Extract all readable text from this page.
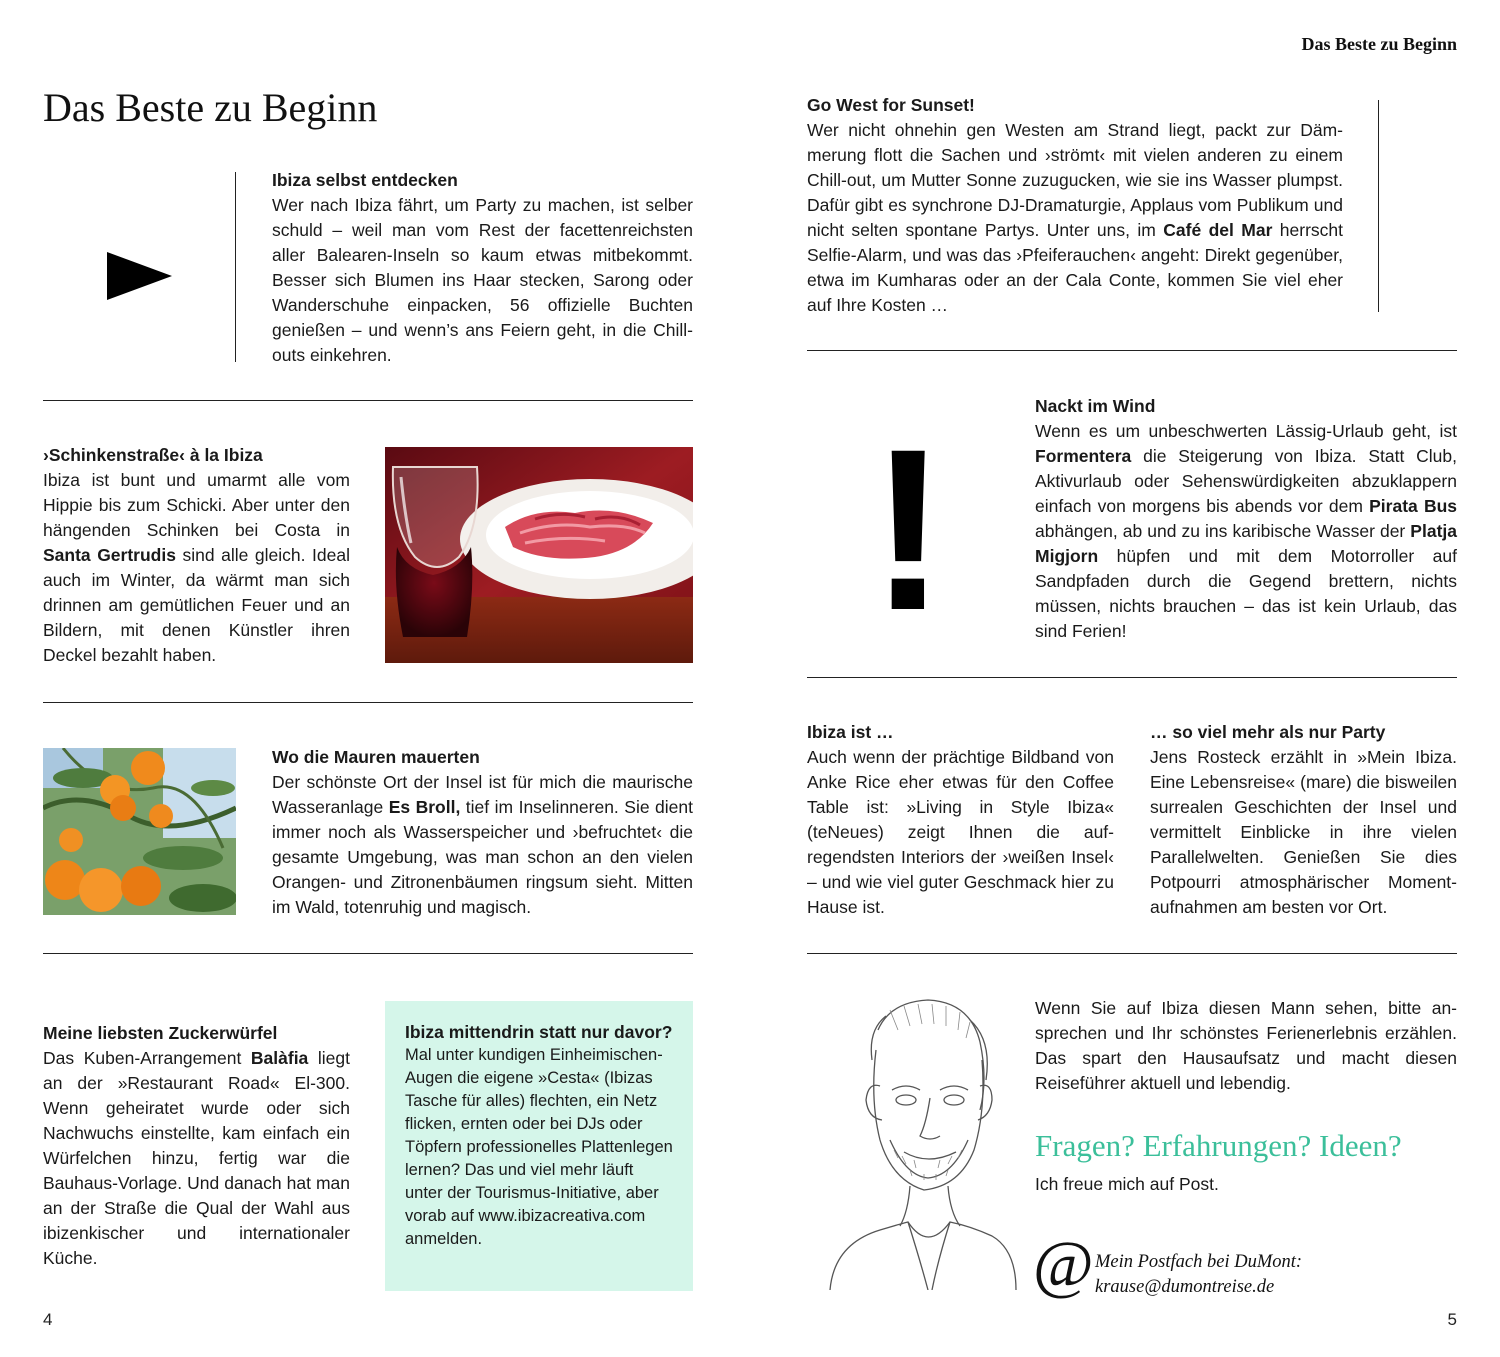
Das Beste zu Beginn
Das Beste zu Beginn
Ibiza selbst entdecken

Wer nach Ibiza fährt, um Party zu machen, ist selber schuld – weil man vom Rest der facettenreichsten aller Balearen-Inseln so kaum etwas mitbekommt. Besser sich Blumen ins Haar stecken, Sarong oder Wanderschuhe einpacken, 56 offizielle Buchten genießen – und wenn’s ans Feiern geht, in die Chill-outs einkehren.

›Schinkenstraße‹ à la Ibiza

Ibiza ist bunt und umarmt alle vom Hippie bis zum Schicki. Aber unter den hängenden Schinken bei Costa in Santa Gertrudis sind alle gleich. Ideal auch im Winter, da wärmt man sich drinnen am gemütlichen Feuer und an Bildern, mit denen Künstler ihren Deckel bezahlt haben.

Wo die Mauren mauerten

Der schönste Ort der Insel ist für mich die maurische Wasseranlage Es Broll, tief im Inselinneren. Sie dient immer noch als Wasserspeicher und ›befruchtet‹ die gesamte Umgebung, was man schon an den vielen Orangen- und Zitronenbäumen ringsum sieht. Mitten im Wald, totenruhig und magisch.

Meine liebsten Zuckerwürfel

Das Kuben-Arrangement Balàfia liegt an der »Restaurant Road« El-300. Wenn geheiratet wurde oder sich Nachwuchs einstellte, kam einfach ein Würfelchen hinzu, fertig war die Bauhaus-Vorlage. Und danach hat man an der Straße die Qual der Wahl aus ibizenkischer und internationaler Küche.

Ibiza mittendrin statt nur davor?

Mal unter kundigen Einheimischen-Augen die eigene »Cesta« (Ibizas Tasche für alles) flechten, ein Netz flicken, ernten oder bei DJs oder Töpfern professionelles Plattenlegen lernen? Das und viel mehr läuft unter der Tourismus-Initiative, aber vorab auf www.ibizacreativa.com anmelden.

Go West for Sunset!

Wer nicht ohnehin gen Westen am Strand liegt, packt zur Dämmerung flott die Sachen und ›strömt‹ mit vielen anderen zu einem Chill-out, um Mutter Sonne zuzugucken, wie sie ins Wasser plumpst. Dafür gibt es synchrone DJ-Dramaturgie, Applaus vom Publikum und nicht selten spontane Partys. Unter uns, im Café del Mar herrscht Selfie-Alarm, und was das ›Pfeiferauchen‹ angeht: Direkt gegenüber, etwa im Kumharas oder an der Cala Conte, kommen Sie viel eher auf Ihre Kosten …

!	Nackt im Wind

Wenn es um unbeschwerten Lässig-Urlaub geht, ist Formentera die Steigerung von Ibiza. Statt Club, Aktivurlaub oder Sehenswürdigkeiten abzuklappern einfach von morgens bis abends vor dem Pirata Bus abhängen, ab und zu ins karibische Wasser der Platja Migjorn hüpfen und mit dem Motorroller auf Sandpfaden durch die Gegend brettern, nichts müssen, nichts brauchen – das ist kein Urlaub, das sind Ferien!

Ibiza ist …

Auch wenn der prächtige Bildband von Anke Rice eher etwas für den Coffee Table ist: »Living in Style Ibiza« (teNeues) zeigt Ihnen die aufregendsten Interiors der ›weißen Insel‹ – und wie viel guter Geschmack hier zu Hause ist.

… so viel mehr als nur Party

Jens Rosteck erzählt in »Mein Ibiza. Eine Lebensreise« (mare) die bisweilen surrealen Geschichten der Insel und vermittelt Einblicke in ihre vielen Parallelwelten. Genießen Sie dies Potpourri atmosphärischer Momentaufnahmen am besten vor Ort.

Wenn Sie auf Ibiza diesen Mann sehen, bitte ansprechen und Ihr schönstes Ferienerlebnis erzählen. Das spart den Hausaufsatz und macht diesen Reiseführer aktuell und lebendig.

Fragen? Erfahrungen? Ideen?

Ich freue mich auf Post.

@ Mein Postfach bei DuMont:
krause@dumontreise.de
4	5
